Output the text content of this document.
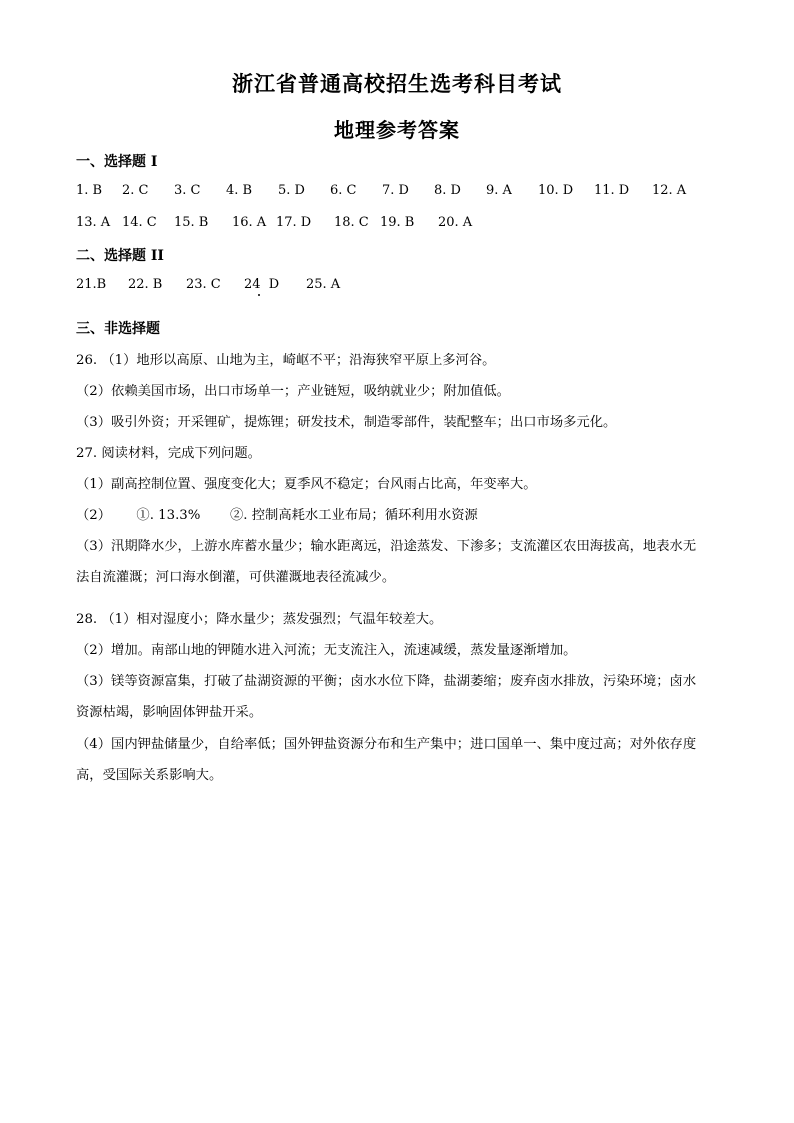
浙江省普通高校招生选考科目考试
地理参考答案
一、选择题 I
1. B 2. C 3. C 4. B 5. D 6. C 7. D 8. D 9. A 10. D 11. D 12. A
13. A 14. C 15. B 16. A 17. D 18. C 19. B 20. A
二、选择题 II
21.B 22. B 23. C 24  D 25. A
三、非选择题
26. （1）地形以高原、山地为主，崎岖不平；沿海狭窄平原上多河谷。
（2）依赖美国市场，出口市场单一；产业链短，吸纳就业少；附加值低。
（3）吸引外资；开采锂矿，提炼锂；研发技术，制造零部件，装配整车；出口市场多元化。
27. 阅读材料，完成下列问题。
（1）副高控制位置、强度变化大；夏季风不稳定；台风雨占比高，年变率大。
（2）      ①. 13.3%       ②. 控制高耗水工业布局；循环利用水资源
（3）汛期降水少，上游水库蓄水量少；输水距离远，沿途蒸发、下渗多；支流灌区农田海拔高，地表水无
法自流灌溉；河口海水倒灌，可供灌溉地表径流减少。
28. （1）相对湿度小；降水量少；蒸发强烈；气温年较差大。
（2）增加。南部山地的钾随水进入河流；无支流注入，流速减缓，蒸发量逐渐增加。
（3）镁等资源富集，打破了盐湖资源的平衡；卤水水位下降，盐湖萎缩；废弃卤水排放，污染环境；卤水
资源枯竭，影响固体钾盐开采。
（4）国内钾盐储量少，自给率低；国外钾盐资源分布和生产集中；进口国单一、集中度过高；对外依存度
高，受国际关系影响大。
